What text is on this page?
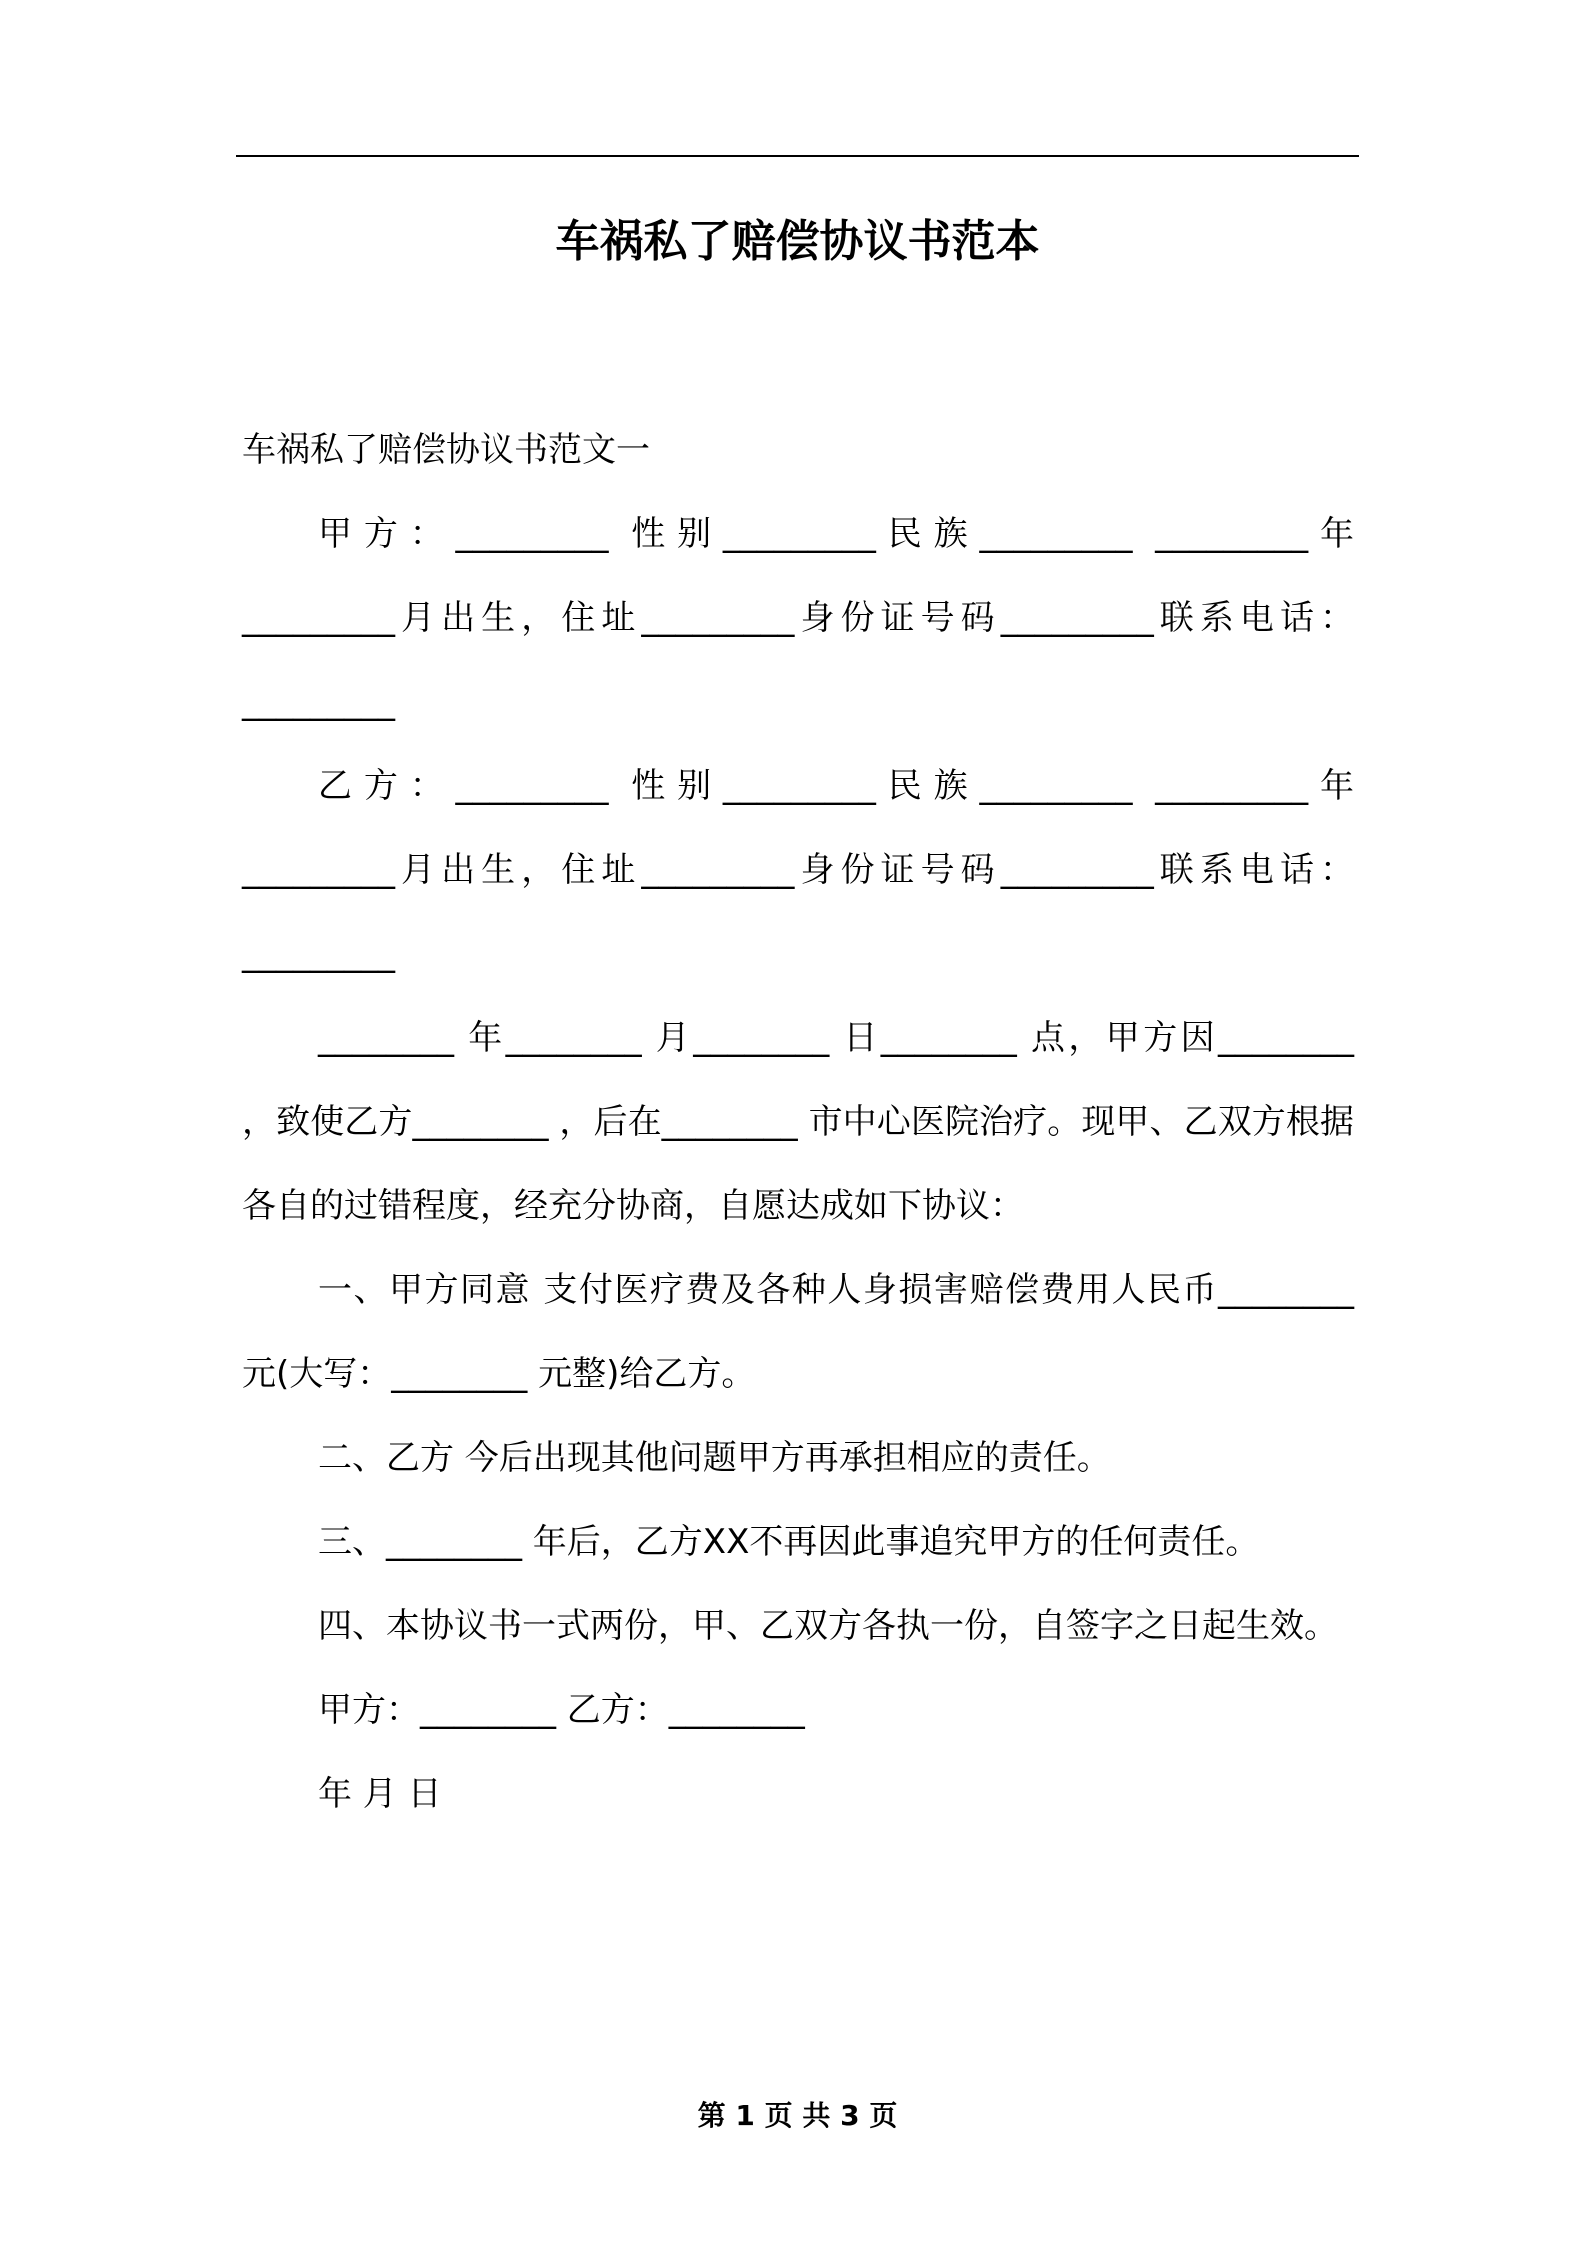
车祸私了赔偿协议书范本

车祸私了赔偿协议书范文一

甲方：_________ 性别_________民族_________ _________年_________月出生，住址_________身份证号码_________联系电话：_________

乙方：_________ 性别_________民族_________ _________年_________月出生，住址_________身份证号码_________联系电话：_________

________ 年________ 月________ 日________ 点，甲方因________ ，致使乙方________ ，后在________ 市中心医院治疗。现甲、乙双方根据各自的过错程度，经充分协商，自愿达成如下协议：

一、甲方同意 支付医疗费及各种人身损害赔偿费用人民币________ 元(大写：________ 元整)给乙方。

二、乙方 今后出现其他问题甲方再承担相应的责任。

三、________ 年后，乙方XX不再因此事追究甲方的任何责任。

四、本协议书一式两份，甲、乙双方各执一份，自签字之日起生效。

甲方：________ 乙方：________

年 月 日

第 1 页 共 3 页
